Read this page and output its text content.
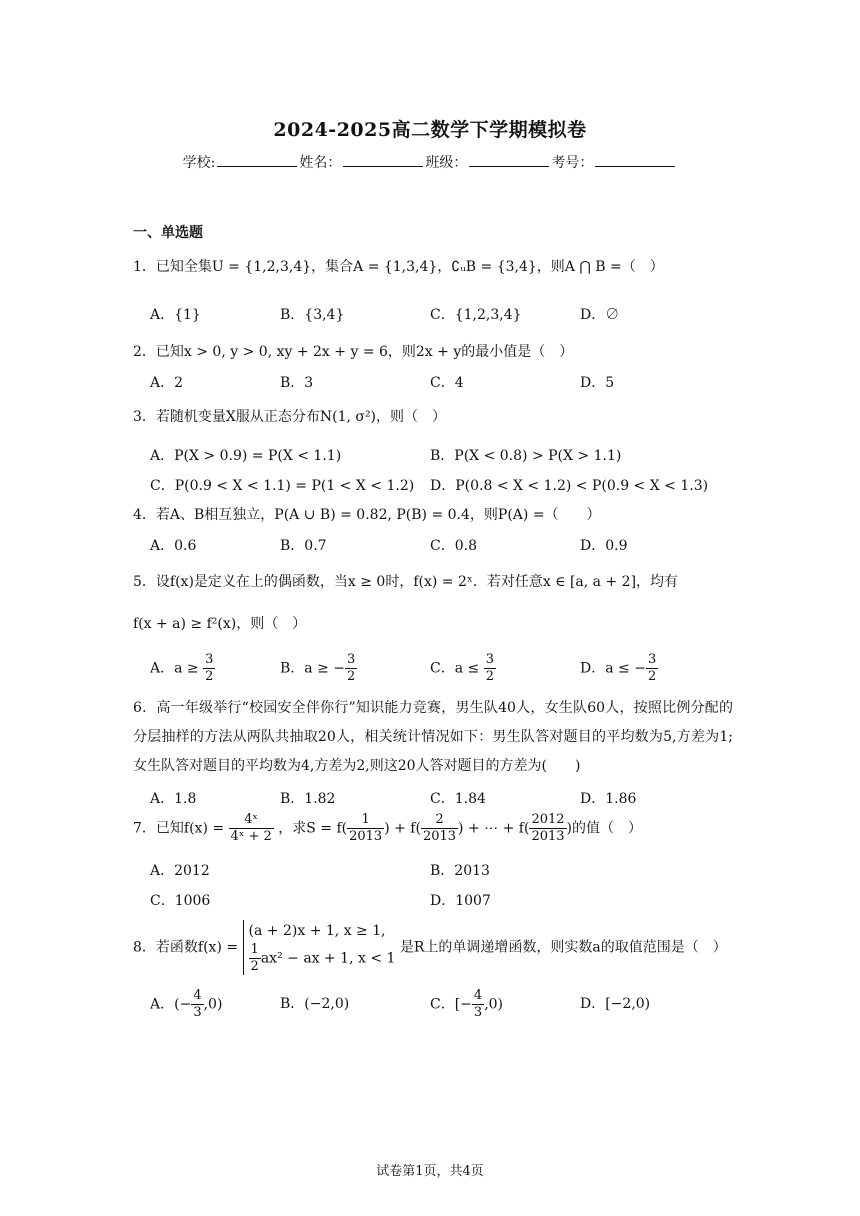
2024-2025高二数学下学期模拟卷
学校:	姓名：	班级：	考号：
一、单选题
1．已知全集U = {1,2,3,4}，集合A = {1,3,4}，∁ᵤB = {3,4}，则A ⋂ B =（　）
A．{1}	B．{3,4}	C．{1,2,3,4}	D．∅
2．已知x > 0, y > 0, xy + 2x + y = 6，则2x + y的最小值是（　）
A．2	B．3	C．4	D．5
3．若随机变量X服从正态分布N(1, σ²)，则（　）
A．P(X > 0.9) = P(X < 1.1)	B．P(X < 0.8) > P(X > 1.1)
C．P(0.9 < X < 1.1) = P(1 < X < 1.2) D．P(0.8 < X < 1.2) < P(0.9 < X < 1.3)
4．若A、B相互独立，P(A ∪ B) = 0.82, P(B) = 0.4，则P(A) =（　　）
A．0.6	B．0.7	C．0.8	D．0.9
5．设f(x)是定义在上的偶函数，当x ≥ 0时，f(x) = 2ˣ．若对任意x ∈ [a, a + 2]，均有
f(x + a) ≥ f²(x)，则（　）
A．$a \ge \frac{3}{2}$	B．a ≥ − $\frac{3}{2}$	C．$a \le \frac{3}{2}$	D．a ≤ − $\frac{3}{2}$
6．高一年级举行“校园安全伴你行”知识能力竞赛，男生队40人，女生队60人，按照比例分配的分层抽样的方法从两队共抽取20人，相关统计情况如下：男生队答对题目的平均数为5,方差为1;女生队答对题目的平均数为4,方差为2,则这20人答对题目的方差为(　　)
A．1.8	B．1.82	C．1.84	D．1.86
7．已知$f(x) = \frac{\text{4ˣ}}{\text{4ˣ + 2}}$ ，求$S = f( \frac{1}{2013}$ ) + $f( \frac{2}{2013}$ ) + ⋯ + $f( \frac{2012}{2013}$ )的值（　）
A．2012	B．2013
C．1006	D．1007
8．若函数f(x) =
(a + 2)x + 1, x ≥ 1,
$\frac{1}{2} ax^2$ − ax + 1, x < 1
是R上的单调递增函数，则实数a的取值范围是（　）
A．(− $\frac{4}{3} ,0$)	B．(−2,0)	C．[− $\frac{4}{3} ,0$)	D．[−2,0)
试卷第1页，共4页
